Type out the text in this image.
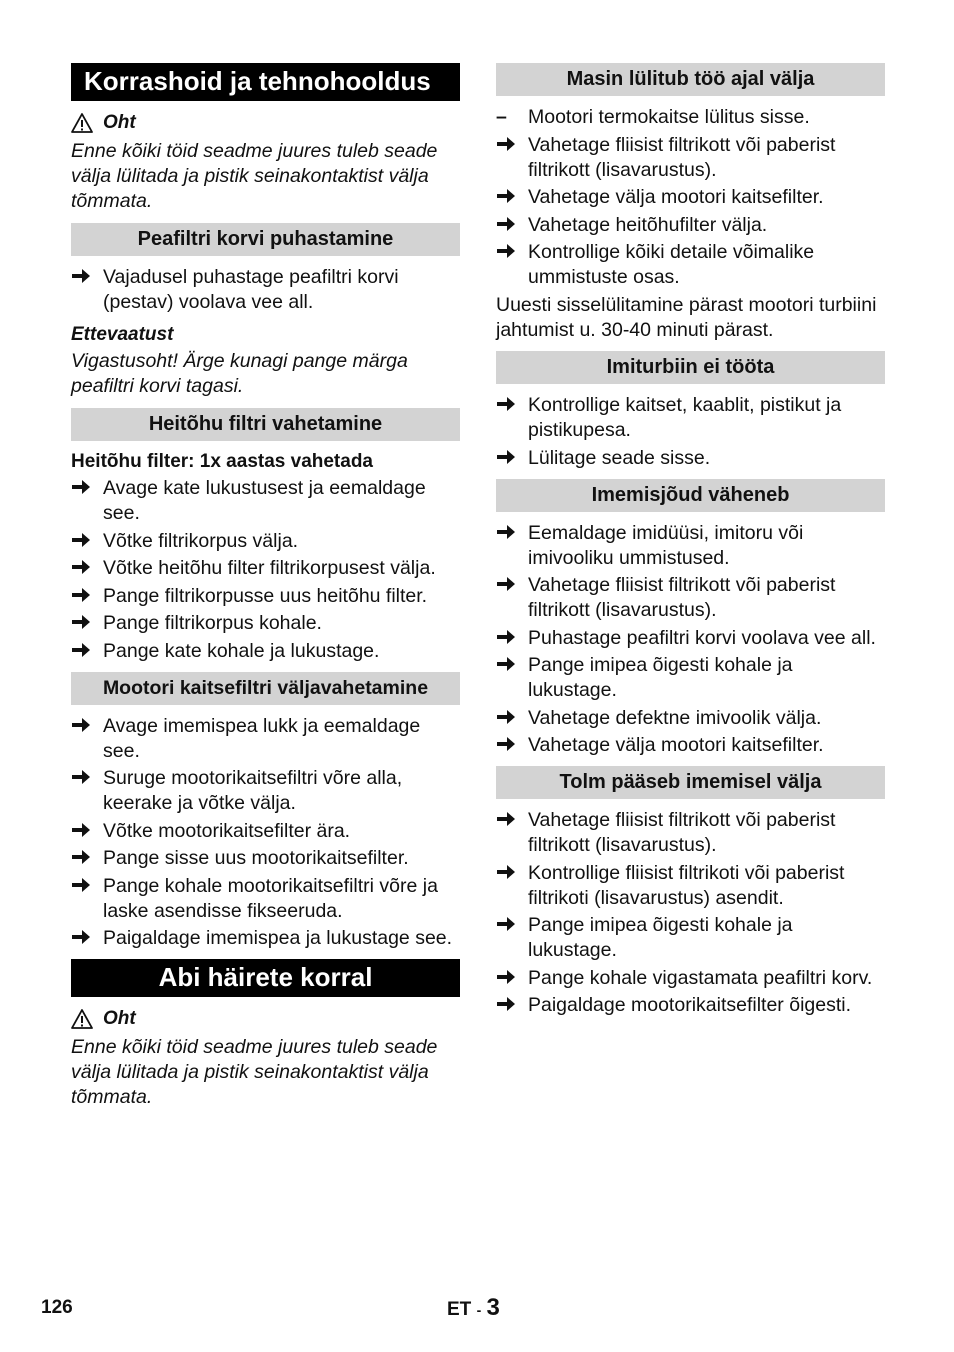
Korrashoid ja tehnohooldus
Oht

Enne kõiki töid seadme juures tuleb seade välja lülitada ja pistik seinakontaktist välja tõmmata.

Peafiltri korvi puhastamine
Vajadusel puhastage peafiltri korvi (pestav) voolava vee all.
Ettevaatust

Vigastusoht! Ärge kunagi pange märga peafiltri korvi tagasi.

Heitõhu filtri vahetamine
Heitõhu filter: 1x aastas vahetada
Avage kate lukustusest ja eemaldage see.
Võtke filtrikorpus välja.
Võtke heitõhu filter filtrikorpusest välja.
Pange filtrikorpusse uus heitõhu filter.
Pange filtrikorpus kohale.
Pange kate kohale ja lukustage.
Mootori kaitsefiltri väljavahetamine
Avage imemispea lukk ja eemaldage see.
Suruge mootorikaitsefiltri võre alla, keerake ja võtke välja.
Võtke mootorikaitsefilter ära.
Pange sisse uus mootorikaitsefilter.
Pange kohale mootorikaitsefiltri võre ja laske asendisse fikseeruda.
Paigaldage imemispea ja lukustage see.
Abi häirete korral
Oht

Enne kõiki töid seadme juures tuleb seade välja lülitada ja pistik seinakontaktist välja tõmmata.

Masin lülitub töö ajal välja
–	Mootori termokaitse lülitus sisse.
Vahetage fliisist filtrikott või paberist filtrikott (lisavarustus).
Vahetage välja mootori kaitsefilter.
Vahetage heitõhufilter välja.
Kontrollige kõiki detaile võimalike ummistuste osas.

Uuesti sisselülitamine pärast mootori turbiini jahtumist u. 30-40 minuti pärast.

Imiturbiin ei tööta
Kontrollige kaitset, kaablit, pistikut ja pistikupesa.
Lülitage seade sisse.
Imemisjõud väheneb
Eemaldage imidüüsi, imitoru või imivooliku ummistused.
Vahetage fliisist filtrikott või paberist filtrikott (lisavarustus).
Puhastage peafiltri korvi voolava vee all.
Pange imipea õigesti kohale ja lukustage.
Vahetage defektne imivoolik välja.
Vahetage välja mootori kaitsefilter.
Tolm pääseb imemisel välja
Vahetage fliisist filtrikott või paberist filtrikott (lisavarustus).
Kontrollige fliisist filtrikoti või paberist filtrikoti (lisavarustus) asendit.
Pange imipea õigesti kohale ja lukustage.
Pange kohale vigastamata peafiltri korv.
Paigaldage mootorikaitsefilter õigesti.
126	ET - 3
